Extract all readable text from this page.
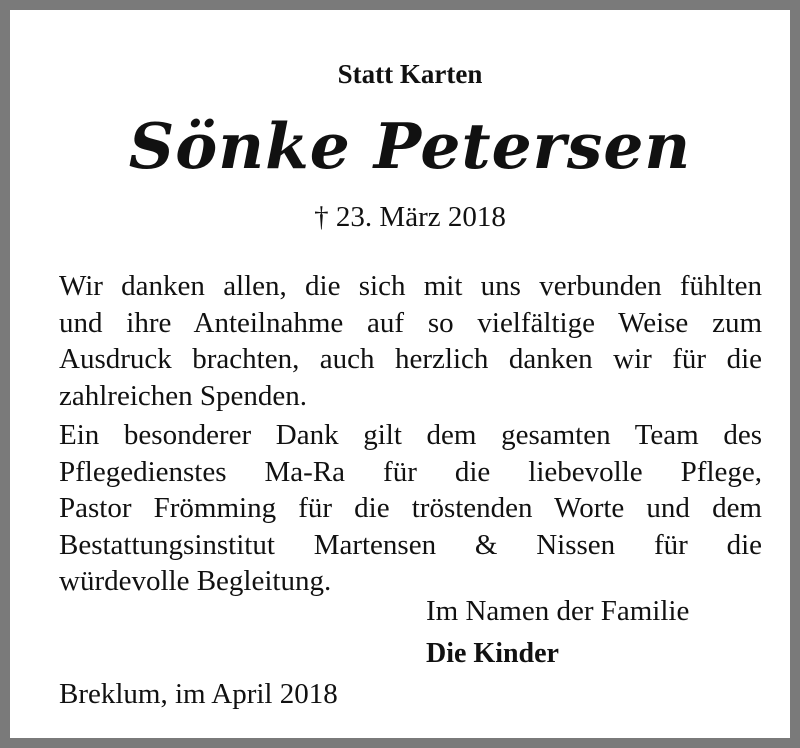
Statt Karten
Sönke Petersen
† 23. März 2018

Wir danken allen, die sich mit uns verbunden fühlten
und ihre Anteilnahme auf so vielfältige Weise zum
Ausdruck brachten, auch herzlich danken wir für die
zahlreichen Spenden.

Ein besonderer Dank gilt dem gesamten Team des
Pflegedienstes Ma-Ra für die liebevolle Pflege,
Pastor Frömming für die tröstenden Worte und dem
Bestattungsinstitut Martensen & Nissen für die
würdevolle Begleitung.

Im Namen der Familie
Die Kinder
Breklum, im April 2018
